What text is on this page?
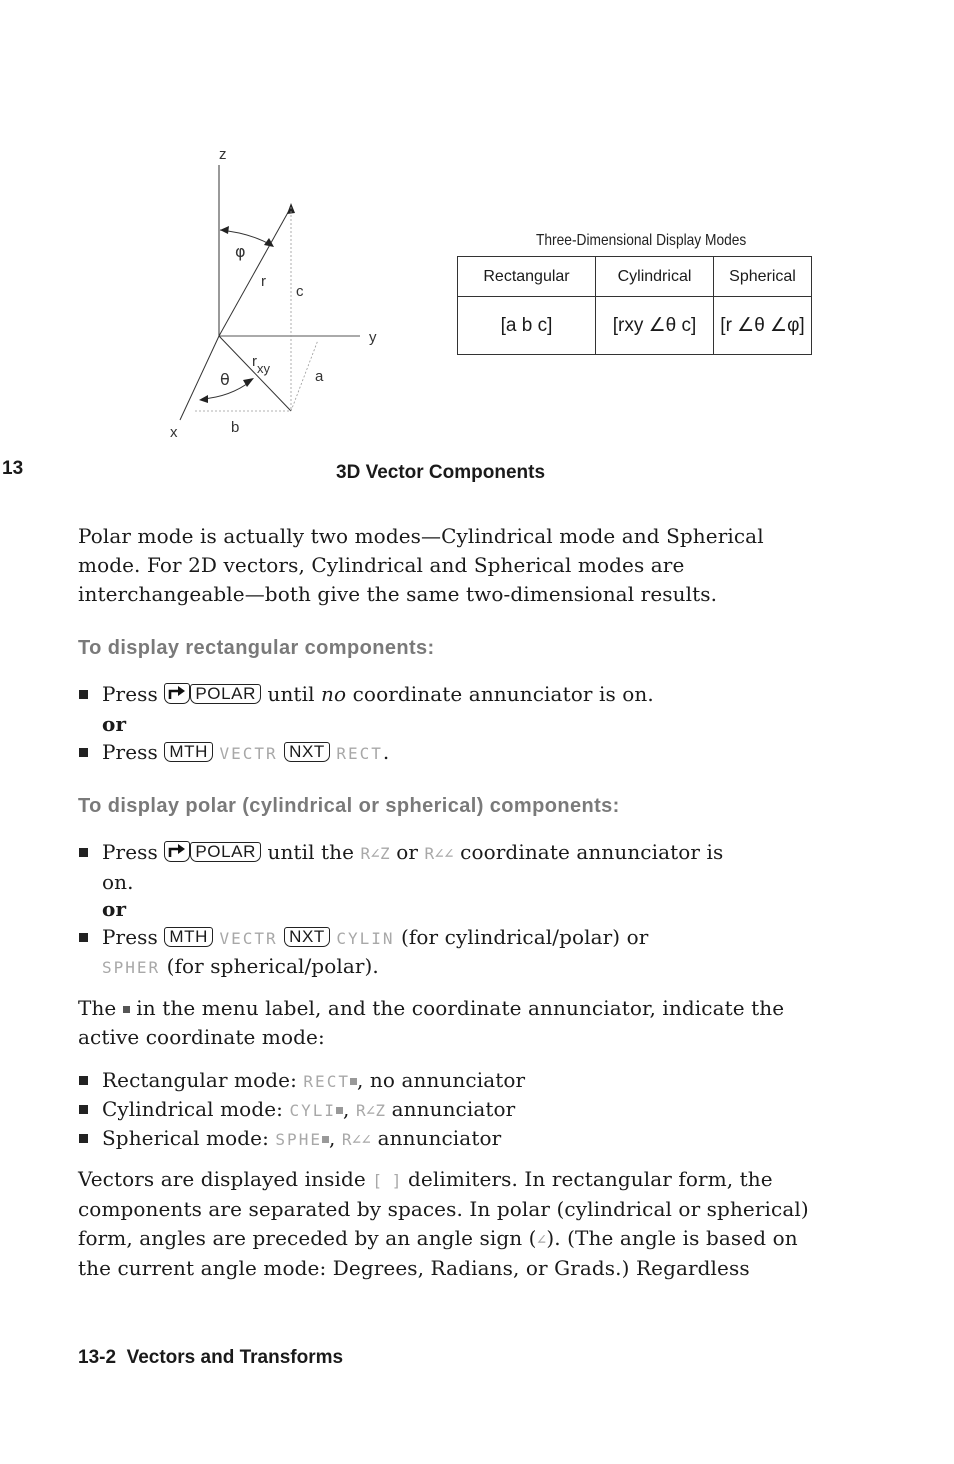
z
y
x
φ
θ
r
c
rxy	a
b
Three-Dimensional Display Modes
Rectangular	Cylindrical	Spherical
[a b c]	[rxy ∠θ c]	[r ∠θ ∠φ]
13	3D Vector Components
Polar mode is actually two modes—Cylindrical mode and Spherical
mode. For 2D vectors, Cylindrical and Spherical modes are
interchangeable—both give the same two-dimensional results.
To display rectangular components:
Press POLAR until no coordinate annunciator is on.
or
Press MTH VECTR NXT RECT.
To display polar (cylindrical or spherical) components:
Press POLAR until the R∠Z or R∠∠ coordinate annunciator is
on.
or
Press MTH VECTR NXT CYLIN (for cylindrical/polar) or
SPHER (for spherical/polar).
The in the menu label, and the coordinate annunciator, indicate the
active coordinate mode:
Rectangular mode: RECT , no annunciator
Cylindrical mode: CYLI , R∠Z annunciator
Spherical mode: SPHE , R∠∠ annunciator
Vectors are displayed inside [ ] delimiters. In rectangular form, the
components are separated by spaces. In polar (cylindrical or spherical)
form, angles are preceded by an angle sign (∠). (The angle is based on
the current angle mode: Degrees, Radians, or Grads.) Regardless
13-2 Vectors and Transforms
